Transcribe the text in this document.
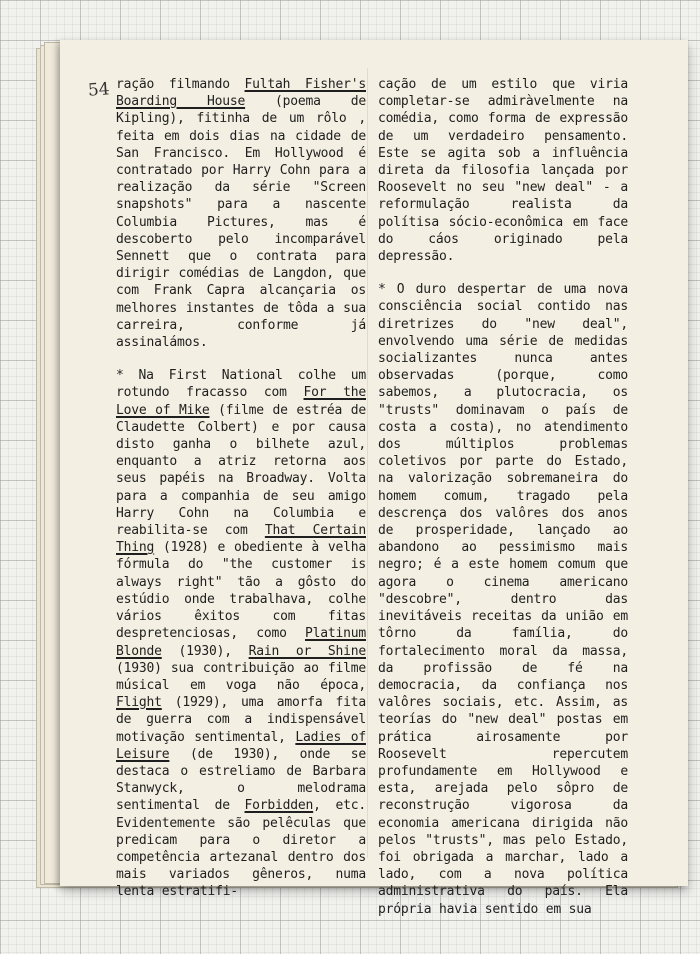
54 ração filmando Fultah Fisher's Boarding House (poema de Kipling), fitinha de um rôlo , feita em dois dias na cidade de San Francisco. Em Hollywood é contratado por Harry Cohn para a realização da série "Screen snapshots" para a nascente Columbia Pictures, mas é descoberto pelo incomparável Sennett que o contrata para dirigir comédias de Langdon, que com Frank Capra alcançaria os melhores instantes de tôda a sua carreira, conforme já assinalámos.

* Na First National colhe um rotundo fracasso com For the Love of Mike (filme de estréa de Claudette Colbert) e por causa disto ganha o bilhete azul, enquanto a atriz retorna aos seus papéis na Broadway. Volta para a companhia de seu amigo Harry Cohn na Columbia e reabilita-se com That Certain Thing (1928) e obediente à velha fórmula do "the customer is always right" tão a gôsto do estúdio onde trabalhava, colhe vários êxitos com fitas despretenciosas, como Platinum Blonde (1930), Rain or Shine (1930) sua contribuição ao filme músical em voga não época, Flight (1929), uma amorfa fita de guerra com a indispensável motivação sentimental, Ladies of Leisure (de 1930), onde se destaca o estreliamo de Barbara Stanwyck, o melodrama sentimental de Forbidden, etc. Evidentemente são pelêculas que predicam para o diretor a competência artezanal dentro dos mais variados gêneros, numa lenta estratifi-

cação de um estilo que viria completar-se admiràvelmente na comédia, como forma de expressão de um verdadeiro pensamento. Este se agita sob a influência direta da filosofia lançada por Roosevelt no seu "new deal" - a reformulação realista da polítisa sócio-econômica em face do cáos originado pela depressão.

* O duro despertar de uma nova consciência social contido nas diretrizes do "new deal", envolvendo uma série de medidas socializantes nunca antes observadas (porque, como sabemos, a plutocracia, os "trusts" dominavam o país de costa a costa), no atendimento dos múltiplos problemas coletivos por parte do Estado, na valorização sobremaneira do homem comum, tragado pela descrença dos valôres dos anos de prosperidade, lançado ao abandono ao pessimismo mais negro; é a este homem comum que agora o cinema americano "descobre", dentro das inevitáveis receitas da união em tôrno da família, do fortalecimento moral da massa, da profissão de fé na democracia, da confiança nos valôres sociais, etc. Assim, as teorías do "new deal" postas em prática airosamente por Roosevelt repercutem profundamente em Hollywood e esta, arejada pelo sôpro de reconstrução vigorosa da economia americana dirigida não pelos "trusts", mas pelo Estado, foi obrigada a marchar, lado a lado, com a nova política administrativa do país. Ela própria havia sentido em sua
